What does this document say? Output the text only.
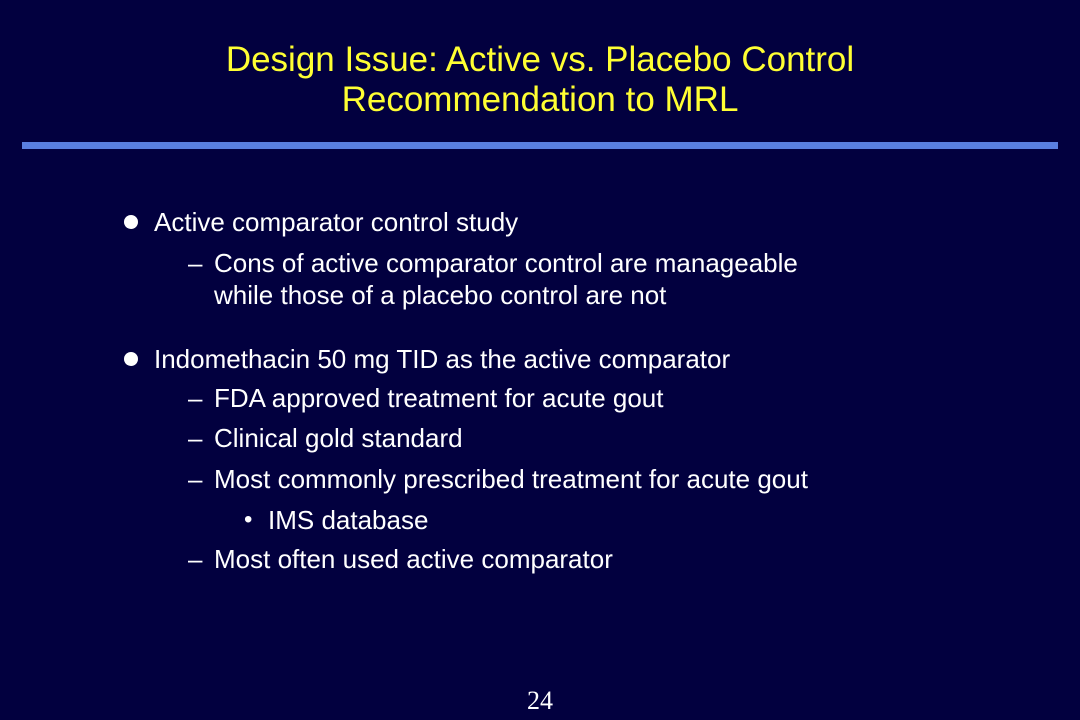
Design Issue: Active vs. Placebo Control
Recommendation to MRL
Active comparator control study
– Cons of active comparator control are manageable
while those of a placebo control are not
Indomethacin 50 mg TID as the active comparator
– FDA approved treatment for acute gout
– Clinical gold standard
– Most commonly prescribed treatment for acute gout
• IMS database
– Most often used active comparator
24
